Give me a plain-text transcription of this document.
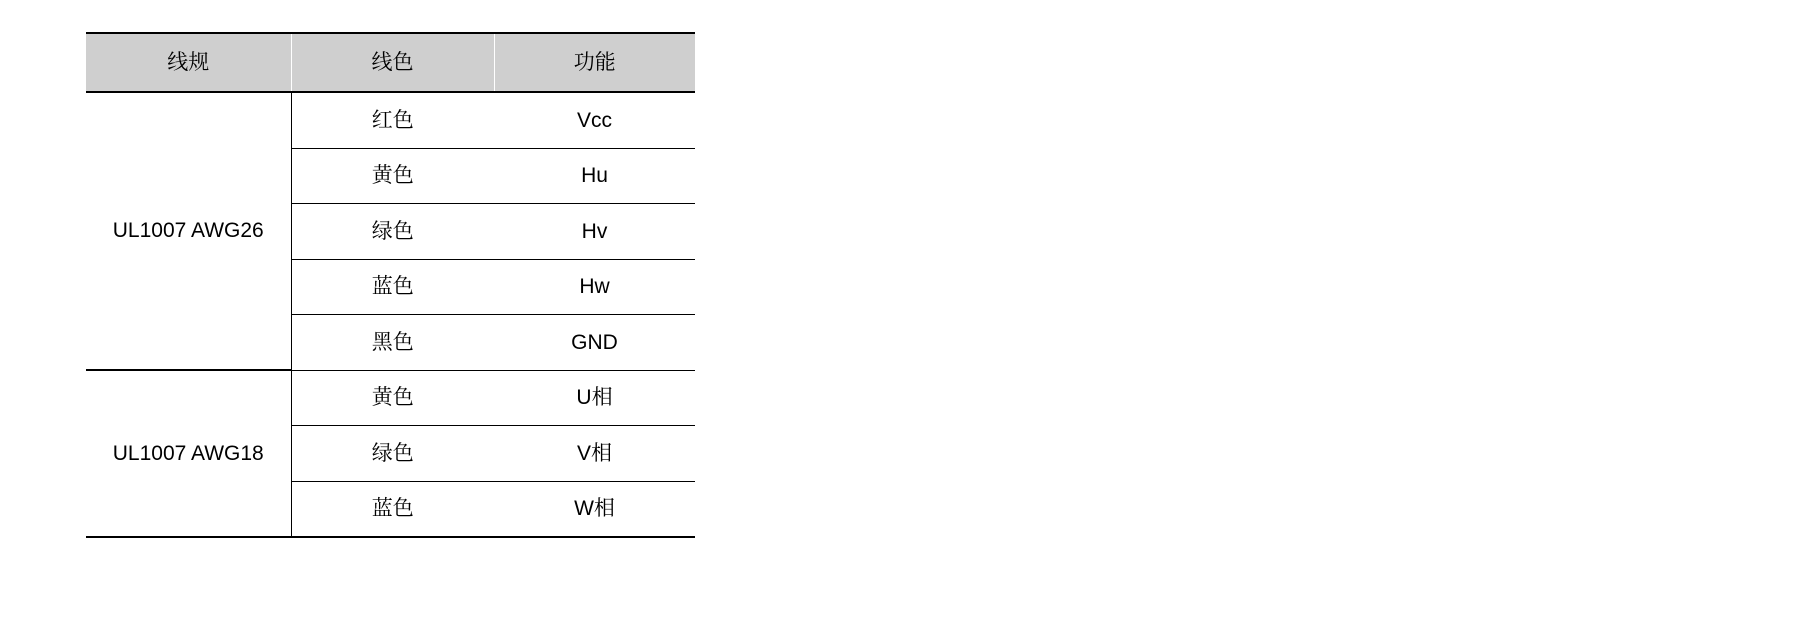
线规	线色	功能
UL1007 AWG26	红色	Vcc
	黄色	Hu
	绿色	Hv
	蓝色	Hw
	黑色	GND
UL1007 AWG18	黄色	U相
	绿色	V相
	蓝色	W相
